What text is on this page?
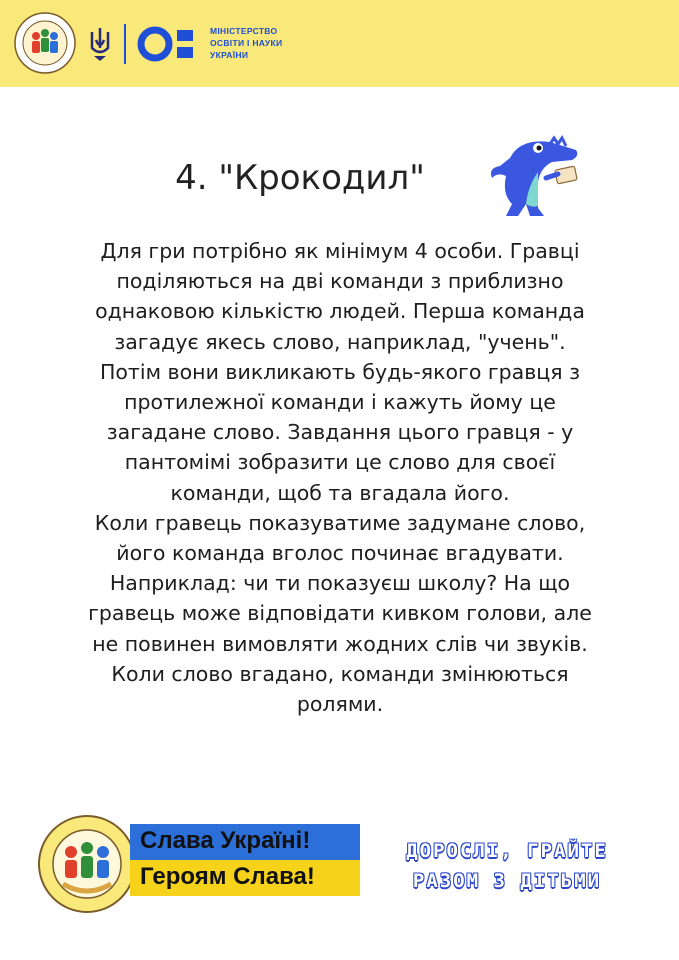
МІНІСТЕРСТВО
ОСВІТИ І НАУКИ
УКРАЇНИ
4. "Крокодил"
Для гри потрібно як мінімум 4 особи. Гравці
поділяються на дві команди з приблизно
однаковою кількістю людей. Перша команда
загадує якесь слово, наприклад, "учень".
Потім вони викликають будь-якого гравця з
протилежної команди і кажуть йому це
загадане слово. Завдання цього гравця - у
пантомімі зобразити це слово для своєї
команди, щоб та вгадала його.
Коли гравець показуватиме задумане слово,
його команда вголос починає вгадувати.
Наприклад: чи ти показуєш школу? На що
гравець може відповідати кивком голови, але
не повинен вимовляти жодних слів чи звуків.
Коли слово вгадано, команди змінюються
ролями.
Слава Україні!
Героям Слава!
ДОРОСЛІ, ГРАЙТЕ
РАЗОМ З ДІТЬМИ
